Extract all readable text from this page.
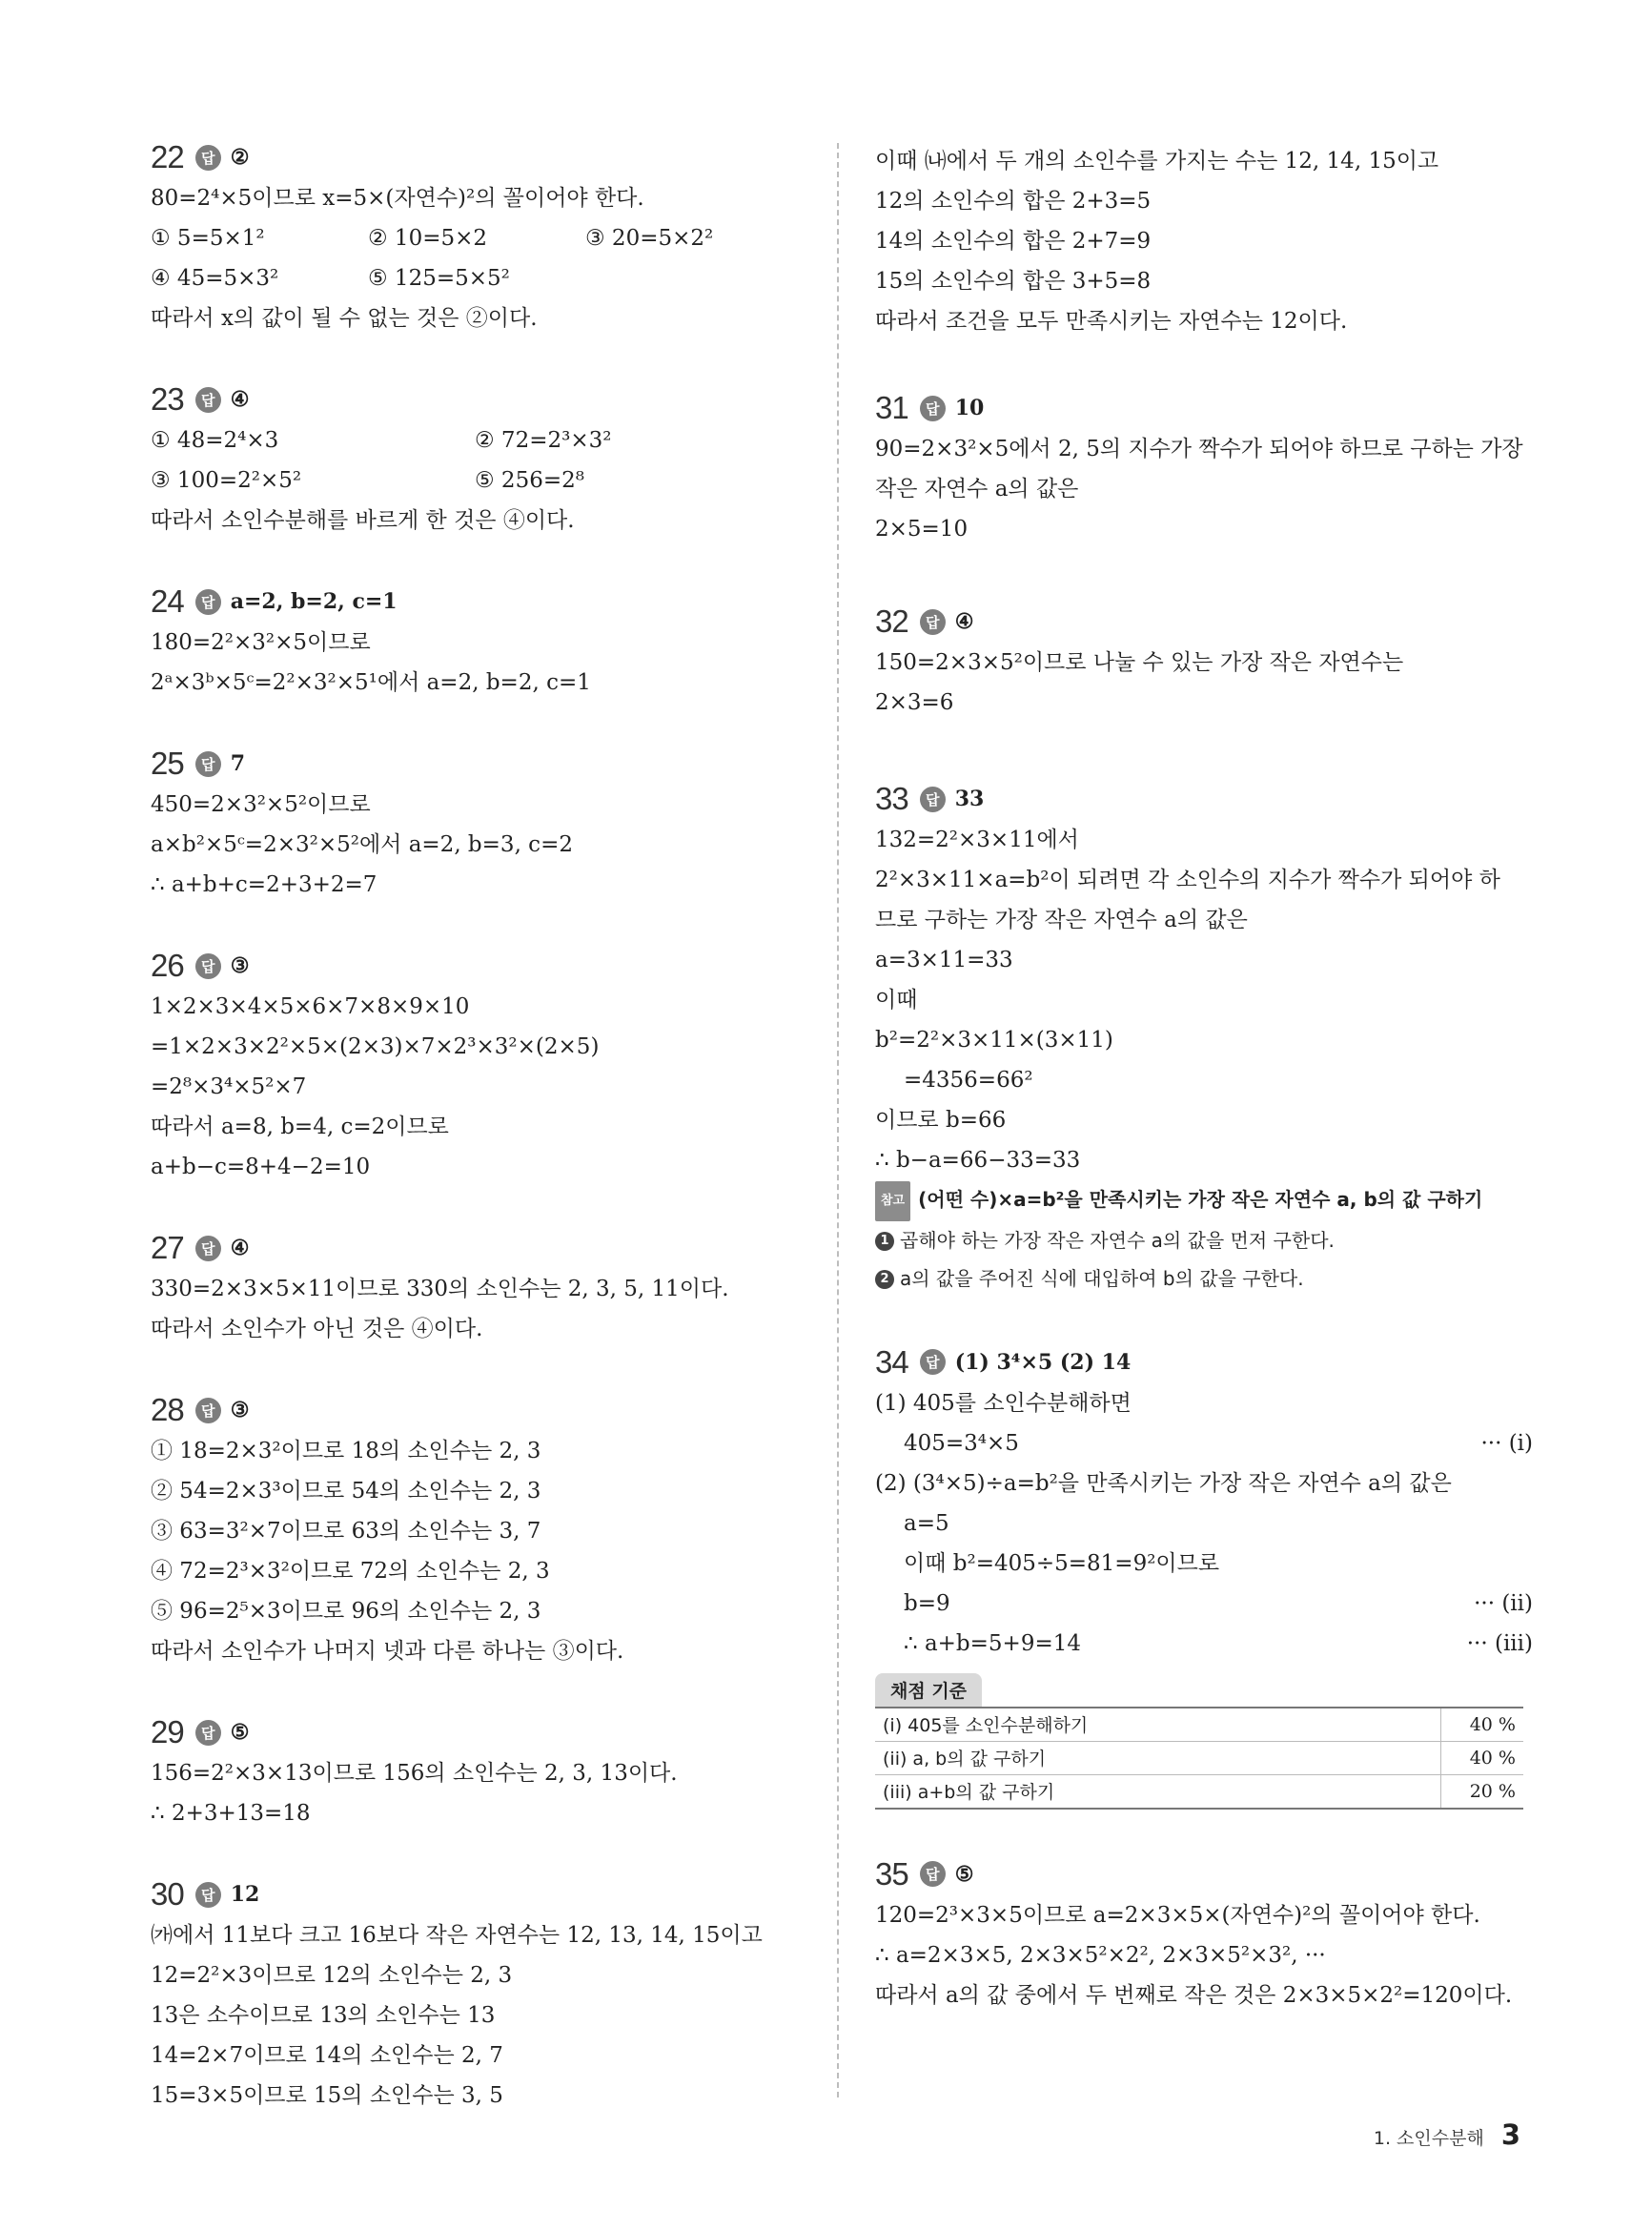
22	답 ②
80=2⁴×5이므로 x=5×(자연수)²의 꼴이어야 한다.
① 5=5×1²	② 10=5×2	③ 20=5×2²
④ 45=5×3²	⑤ 125=5×5²
따라서 x의 값이 될 수 없는 것은 ②이다.
23	답 ④
① 48=2⁴×3	② 72=2³×3²
③ 100=2²×5²	⑤ 256=2⁸
따라서 소인수분해를 바르게 한 것은 ④이다.
24	답 a=2, b=2, c=1
180=2²×3²×5이므로
2ᵃ×3ᵇ×5ᶜ=2²×3²×5¹에서 a=2, b=2, c=1
25	답 7
450=2×3²×5²이므로
a×b²×5ᶜ=2×3²×5²에서 a=2, b=3, c=2
∴ a+b+c=2+3+2=7
26	답 ③
1×2×3×4×5×6×7×8×9×10
=1×2×3×2²×5×(2×3)×7×2³×3²×(2×5)
=2⁸×3⁴×5²×7
따라서 a=8, b=4, c=2이므로
a+b−c=8+4−2=10
27	답 ④
330=2×3×5×11이므로 330의 소인수는 2, 3, 5, 11이다.
따라서 소인수가 아닌 것은 ④이다.
28	답 ③
① 18=2×3²이므로 18의 소인수는 2, 3
② 54=2×3³이므로 54의 소인수는 2, 3
③ 63=3²×7이므로 63의 소인수는 3, 7
④ 72=2³×3²이므로 72의 소인수는 2, 3
⑤ 96=2⁵×3이므로 96의 소인수는 2, 3
따라서 소인수가 나머지 넷과 다른 하나는 ③이다.
29	답 ⑤
156=2²×3×13이므로 156의 소인수는 2, 3, 13이다.
∴ 2+3+13=18
30	답 12
㈎에서 11보다 크고 16보다 작은 자연수는 12, 13, 14, 15이고
12=2²×3이므로 12의 소인수는 2, 3
13은 소수이므로 13의 소인수는 13
14=2×7이므로 14의 소인수는 2, 7
15=3×5이므로 15의 소인수는 3, 5
이때 ㈏에서 두 개의 소인수를 가지는 수는 12, 14, 15이고
12의 소인수의 합은 2+3=5
14의 소인수의 합은 2+7=9
15의 소인수의 합은 3+5=8
따라서 조건을 모두 만족시키는 자연수는 12이다.
31	답 10
90=2×3²×5에서 2, 5의 지수가 짝수가 되어야 하므로 구하는 가장
작은 자연수 a의 값은
2×5=10
32	답 ④
150=2×3×5²이므로 나눌 수 있는 가장 작은 자연수는
2×3=6
33	답 33
132=2²×3×11에서
2²×3×11×a=b²이 되려면 각 소인수의 지수가 짝수가 되어야 하
므로 구하는 가장 작은 자연수 a의 값은
a=3×11=33
이때
b²=2²×3×11×(3×11)
=4356=66²
이므로 b=66
∴ b−a=66−33=33
참고 (어떤 수)×a=b²을 만족시키는 가장 작은 자연수 a, b의 값 구하기
1 곱해야 하는 가장 작은 자연수 a의 값을 먼저 구한다.
2 a의 값을 주어진 식에 대입하여 b의 값을 구한다.
34	답 (1) 3⁴×5 (2) 14
(1) 405를 소인수분해하면
405=3⁴×5	··· (i)
(2) (3⁴×5)÷a=b²을 만족시키는 가장 작은 자연수 a의 값은
a=5
이때 b²=405÷5=81=9²이므로
b=9	··· (ii)
∴ a+b=5+9=14	··· (iii)
채점 기준
(i) 405를 소인수분해하기	40 %
(ii) a, b의 값 구하기	40 %
(iii) a+b의 값 구하기	20 %
35	답 ⑤
120=2³×3×5이므로 a=2×3×5×(자연수)²의 꼴이어야 한다.
∴ a=2×3×5, 2×3×5²×2², 2×3×5²×3², ···
따라서 a의 값 중에서 두 번째로 작은 것은 2×3×5×2²=120이다.
1. 소인수분해 3
